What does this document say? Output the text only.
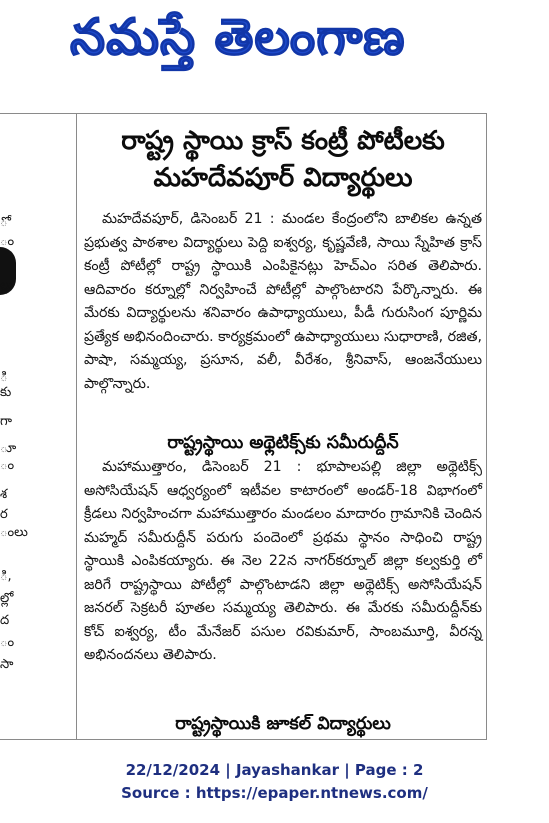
నమస్తే తెలంగాణ
ో
ం
ల్లు
ి
కు
గా
ూ
ం
శ
ర
ంలు
ి,
ల్లో
ద
ం
సా
రాష్ట్ర స్థాయి క్రాస్ కంట్రీ పోటీలకు
మహదేవపూర్ విద్యార్థులు
మహదేవపూర్, డిసెంబర్ 21 : మండల కేంద్రంలోని బాలికల ఉన్నత ప్రభుత్వ పాఠశాల విద్యార్థులు పెద్ది ఐశ్వర్య, కృష్ణవేణి, సాయి స్నేహిత క్రాస్ కంట్రీ పోటీల్లో రాష్ట్ర స్థాయికి ఎంపికైనట్లు హెచ్ఎం సరిత తెలిపారు. ఆదివారం కర్నూల్లో నిర్వహించే పోటీల్లో పాల్గొంటారని పేర్కొన్నారు. ఈ మేరకు విద్యార్థులను శనివారం ఉపాధ్యాయులు, పీడీ గురుసింగ పూర్ణిమ ప్రత్యేక అభినందించారు. కార్యక్రమంలో ఉపాధ్యాయులు సుధారాణి, రజిత, పాషా, సమ్మయ్య, ప్రసూన, వలీ, వీరేశం, శ్రీనివాస్, ఆంజనేయులు పాల్గొన్నారు.
రాష్ట్రస్థాయి అథ్లెటిక్స్‌కు సమీరుద్దీన్
మహాముత్తారం, డిసెంబర్ 21 : భూపాలపల్లి జిల్లా అథ్లెటిక్స్ అసోసియేషన్ ఆధ్వర్యంలో ఇటీవల కాటారంలో అండర్-18 విభాగంలో క్రీడలు నిర్వహించగా మహాముత్తారం మండలం మాదారం గ్రామానికి చెందిన మహ్మద్ సమీరుద్దీన్ పరుగు పందెంలో ప్రథమ స్థానం సాధించి రాష్ట్ర స్థాయికి ఎంపికయ్యారు. ఈ నెల 22న నాగర్‌కర్నూల్ జిల్లా కల్వకుర్తి లో జరిగే రాష్ట్రస్థాయి పోటీల్లో పాల్గొంటాడని జిల్లా అథ్లెటిక్స్ అసోసియేషన్ జనరల్ సెక్రటరీ పూతల సమ్మయ్య తెలిపారు. ఈ మేరకు సమీరుద్దీన్‌కు కోచ్ ఐశ్వర్య, టీం మేనేజర్ పసుల రవికుమార్, సాంబమూర్తి, వీరన్న అభినందనలు తెలిపారు.
రాష్ట్రస్థాయికి జూకల్ విద్యార్థులు
22/12/2024 | Jayashankar | Page : 2
Source : https://epaper.ntnews.com/
